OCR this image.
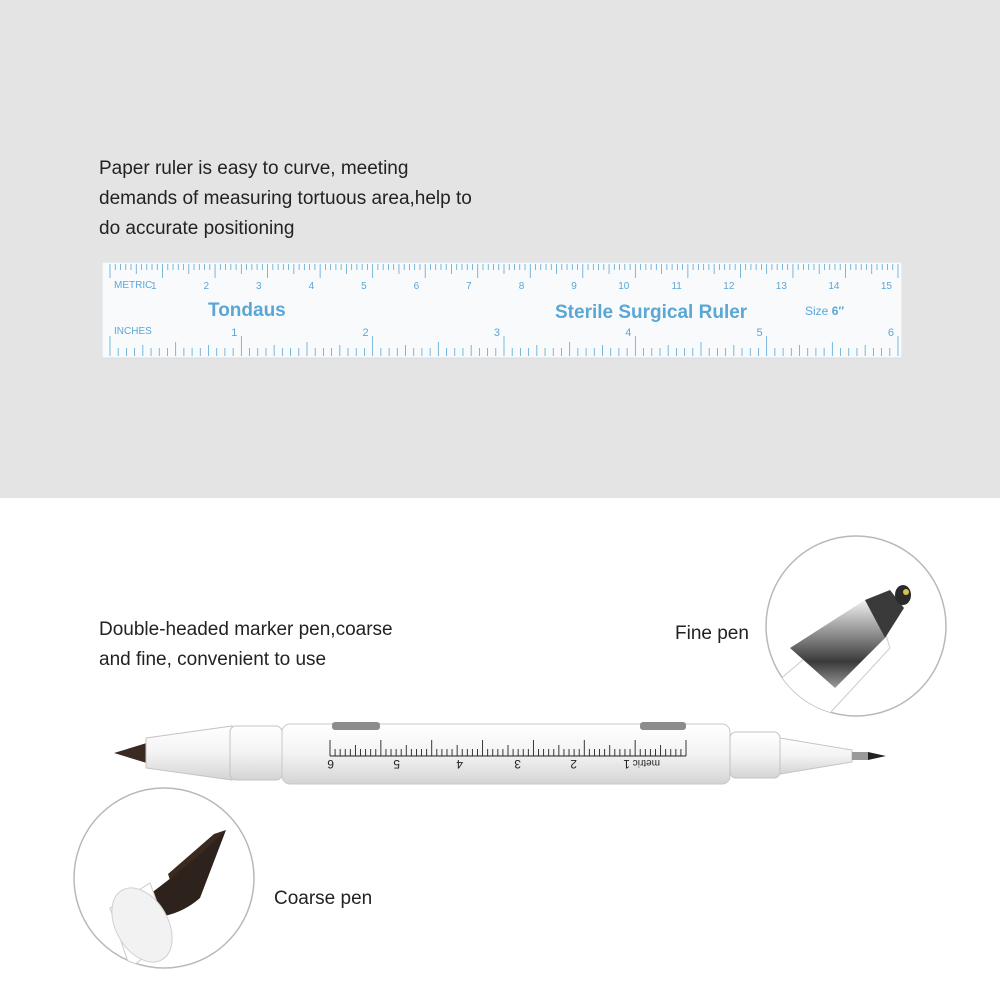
Paper ruler is easy to curve, meeting
demands of measuring tortuous area,help to
do accurate positioning
1	2	3	4	5	6	7	8	9	10	11	12	13	14	15
1	2	3	4	5	6
METRIC
INCHES
Tondaus	Sterile Surgical Ruler	Size 6″
Double-headed marker pen,coarse
and fine, convenient to use
1
2
3
4
5
6	metric
Fine pen
Coarse pen
